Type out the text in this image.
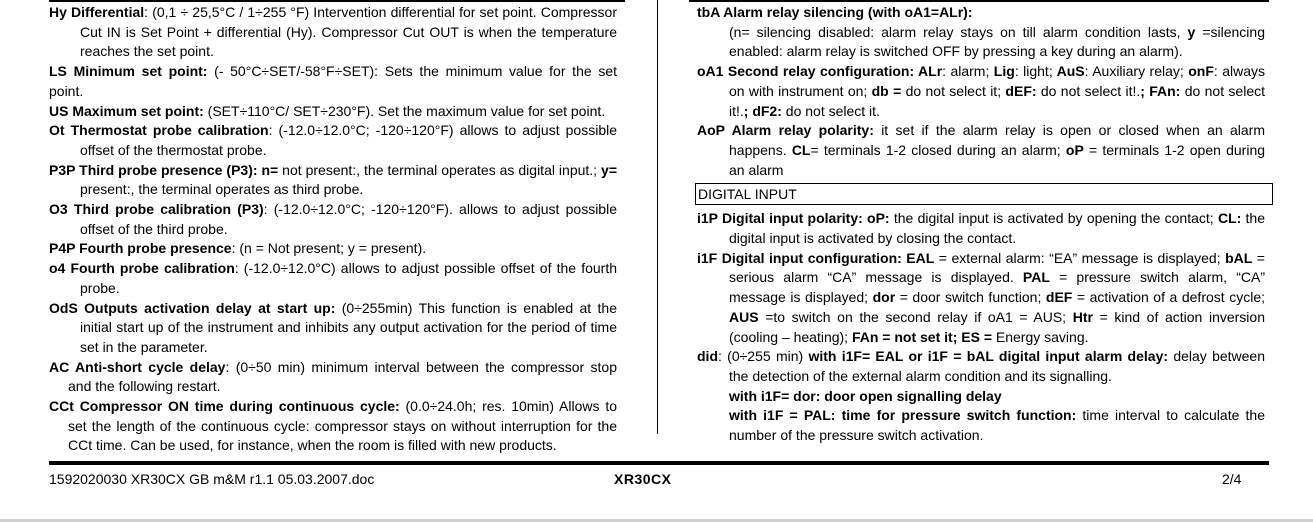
Hy Differential: (0,1 ÷ 25,5°C / 1÷255 °F) Intervention differential for set point. Compressor Cut IN is Set Point + differential (Hy). Compressor Cut OUT is when the temperature reaches the set point.

LS Minimum set point: (- 50°C÷SET/-58°F÷SET): Sets the minimum value for the set point.

US Maximum set point: (SET÷110°C/ SET÷230°F). Set the maximum value for set point.

Ot Thermostat probe calibration: (-12.0÷12.0°C; -120÷120°F) allows to adjust possible offset of the thermostat probe.

P3P Third probe presence (P3): n= not present:, the terminal operates as digital input.; y= present:, the terminal operates as third probe.

O3 Third probe calibration (P3): (-12.0÷12.0°C; -120÷120°F). allows to adjust possible offset of the third probe.

P4P Fourth probe presence: (n = Not present; y = present).

o4 Fourth probe calibration: (-12.0÷12.0°C) allows to adjust possible offset of the fourth probe.

OdS Outputs activation delay at start up: (0÷255min) This function is enabled at the initial start up of the instrument and inhibits any output activation for the period of time set in the parameter.

AC Anti-short cycle delay: (0÷50 min) minimum interval between the compressor stop and the following restart.

CCt Compressor ON time during continuous cycle: (0.0÷24.0h; res. 10min) Allows to set the length of the continuous cycle: compressor stays on without interruption for the CCt time. Can be used, for instance, when the room is filled with new products.

tbA Alarm relay silencing (with oA1=ALr):

(n= silencing disabled: alarm relay stays on till alarm condition lasts, y =silencing enabled: alarm relay is switched OFF by pressing a key during an alarm).

oA1 Second relay configuration: ALr: alarm; Lig: light; AuS: Auxiliary relay; onF: always on with instrument on; db = do not select it; dEF: do not select it!.; FAn: do not select it!.; dF2: do not select it.

AoP Alarm relay polarity: it set if the alarm relay is open or closed when an alarm happens. CL= terminals 1-2 closed during an alarm; oP = terminals 1-2 open during an alarm

DIGITAL INPUT

i1P Digital input polarity: oP: the digital input is activated by opening the contact; CL: the digital input is activated by closing the contact.

i1F Digital input configuration: EAL = external alarm: “EA” message is displayed; bAL = serious alarm “CA” message is displayed. PAL = pressure switch alarm, “CA” message is displayed; dor = door switch function; dEF = activation of a defrost cycle; AUS =to switch on the second relay if oA1 = AUS; Htr = kind of action inversion (cooling – heating); FAn = not set it; ES = Energy saving.

did: (0÷255 min) with i1F= EAL or i1F = bAL digital input alarm delay: delay between the detection of the external alarm condition and its signalling.

with i1F= dor: door open signalling delay

with i1F = PAL: time for pressure switch function: time interval to calculate the number of the pressure switch activation.

1592020030 XR30CX GB m&M r1.1 05.03.2007.doc	XR30CX	2/4
